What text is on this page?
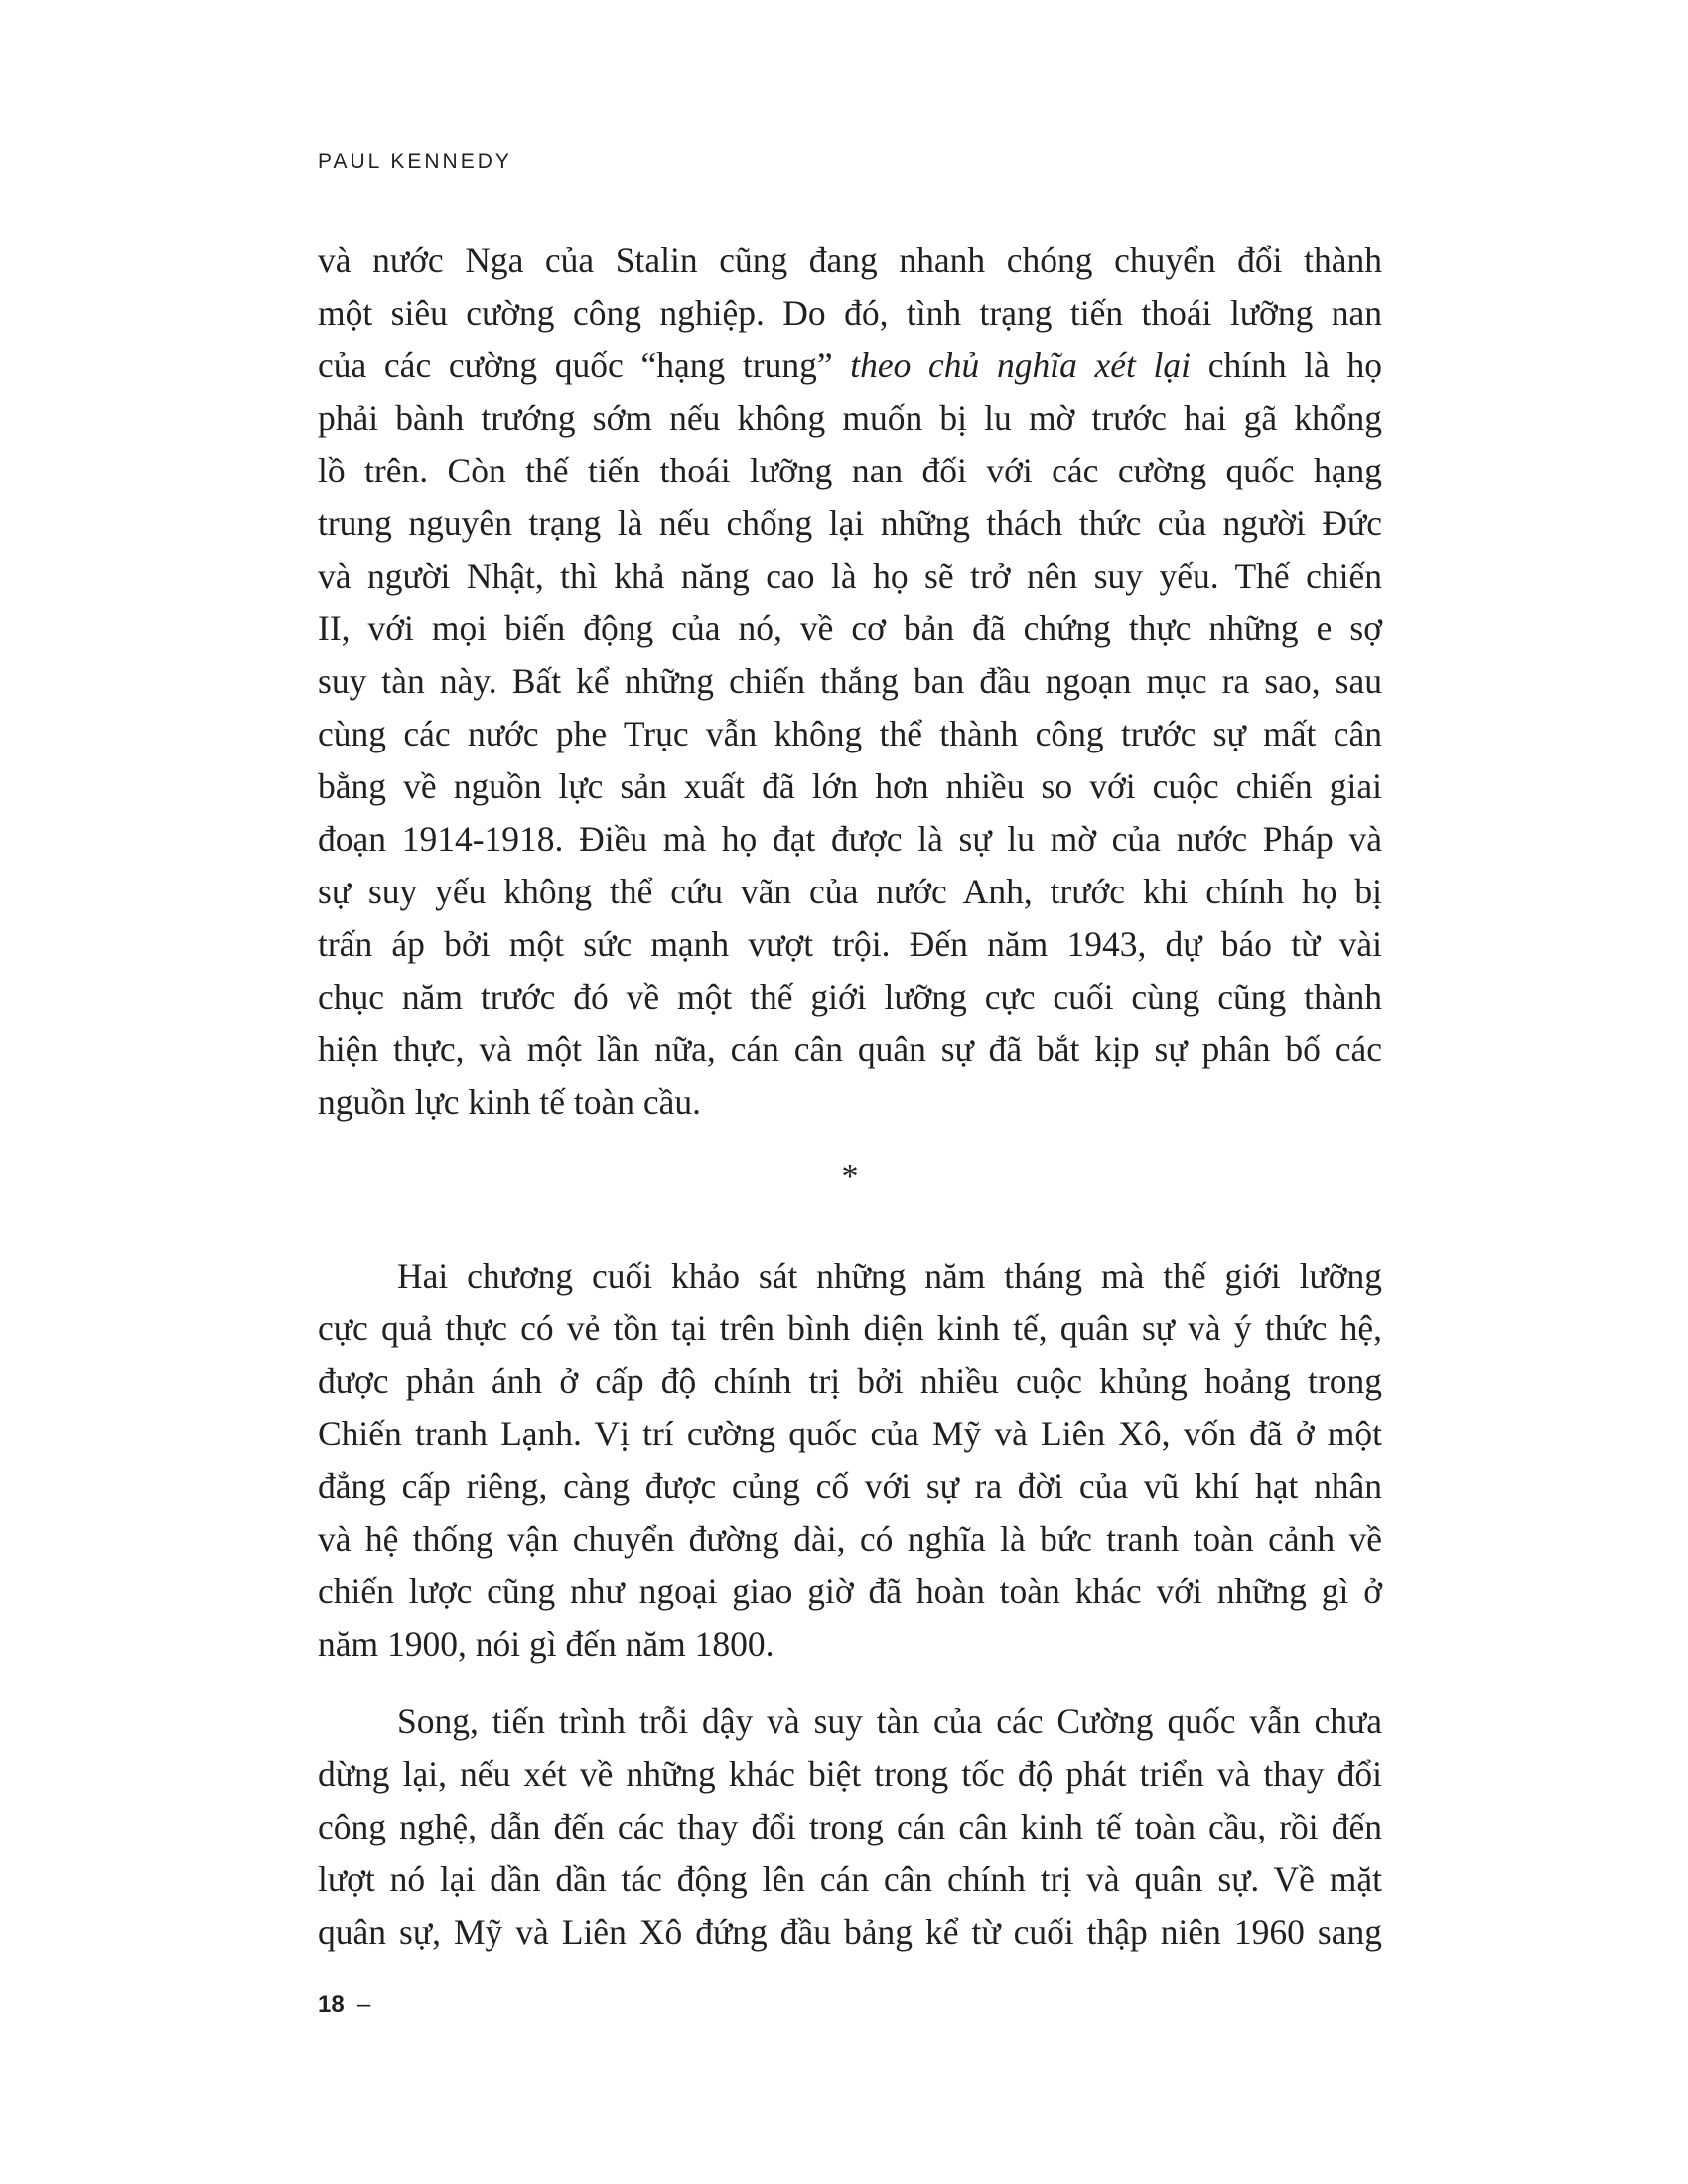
PAUL KENNEDY
và nước Nga của Stalin cũng đang nhanh chóng chuyển đổi thành
một siêu cường công nghiệp. Do đó, tình trạng tiến thoái lưỡng nan
của các cường quốc “hạng trung” theo chủ nghĩa xét lại chính là họ
phải bành trướng sớm nếu không muốn bị lu mờ trước hai gã khổng
lồ trên. Còn thế tiến thoái lưỡng nan đối với các cường quốc hạng
trung nguyên trạng là nếu chống lại những thách thức của người Đức
và người Nhật, thì khả năng cao là họ sẽ trở nên suy yếu. Thế chiến
II, với mọi biến động của nó, về cơ bản đã chứng thực những e sợ
suy tàn này. Bất kể những chiến thắng ban đầu ngoạn mục ra sao, sau
cùng các nước phe Trục vẫn không thể thành công trước sự mất cân
bằng về nguồn lực sản xuất đã lớn hơn nhiều so với cuộc chiến giai
đoạn 1914-1918. Điều mà họ đạt được là sự lu mờ của nước Pháp và
sự suy yếu không thể cứu vãn của nước Anh, trước khi chính họ bị
trấn áp bởi một sức mạnh vượt trội. Đến năm 1943, dự báo từ vài
chục năm trước đó về một thế giới lưỡng cực cuối cùng cũng thành
hiện thực, và một lần nữa, cán cân quân sự đã bắt kịp sự phân bố các
nguồn lực kinh tế toàn cầu.
*
Hai chương cuối khảo sát những năm tháng mà thế giới lưỡng
cực quả thực có vẻ tồn tại trên bình diện kinh tế, quân sự và ý thức hệ,
được phản ánh ở cấp độ chính trị bởi nhiều cuộc khủng hoảng trong
Chiến tranh Lạnh. Vị trí cường quốc của Mỹ và Liên Xô, vốn đã ở một
đẳng cấp riêng, càng được củng cố với sự ra đời của vũ khí hạt nhân
và hệ thống vận chuyển đường dài, có nghĩa là bức tranh toàn cảnh về
chiến lược cũng như ngoại giao giờ đã hoàn toàn khác với những gì ở
năm 1900, nói gì đến năm 1800.
Song, tiến trình trỗi dậy và suy tàn của các Cường quốc vẫn chưa
dừng lại, nếu xét về những khác biệt trong tốc độ phát triển và thay đổi
công nghệ, dẫn đến các thay đổi trong cán cân kinh tế toàn cầu, rồi đến
lượt nó lại dần dần tác động lên cán cân chính trị và quân sự. Về mặt
quân sự, Mỹ và Liên Xô đứng đầu bảng kể từ cuối thập niên 1960 sang
18 –
